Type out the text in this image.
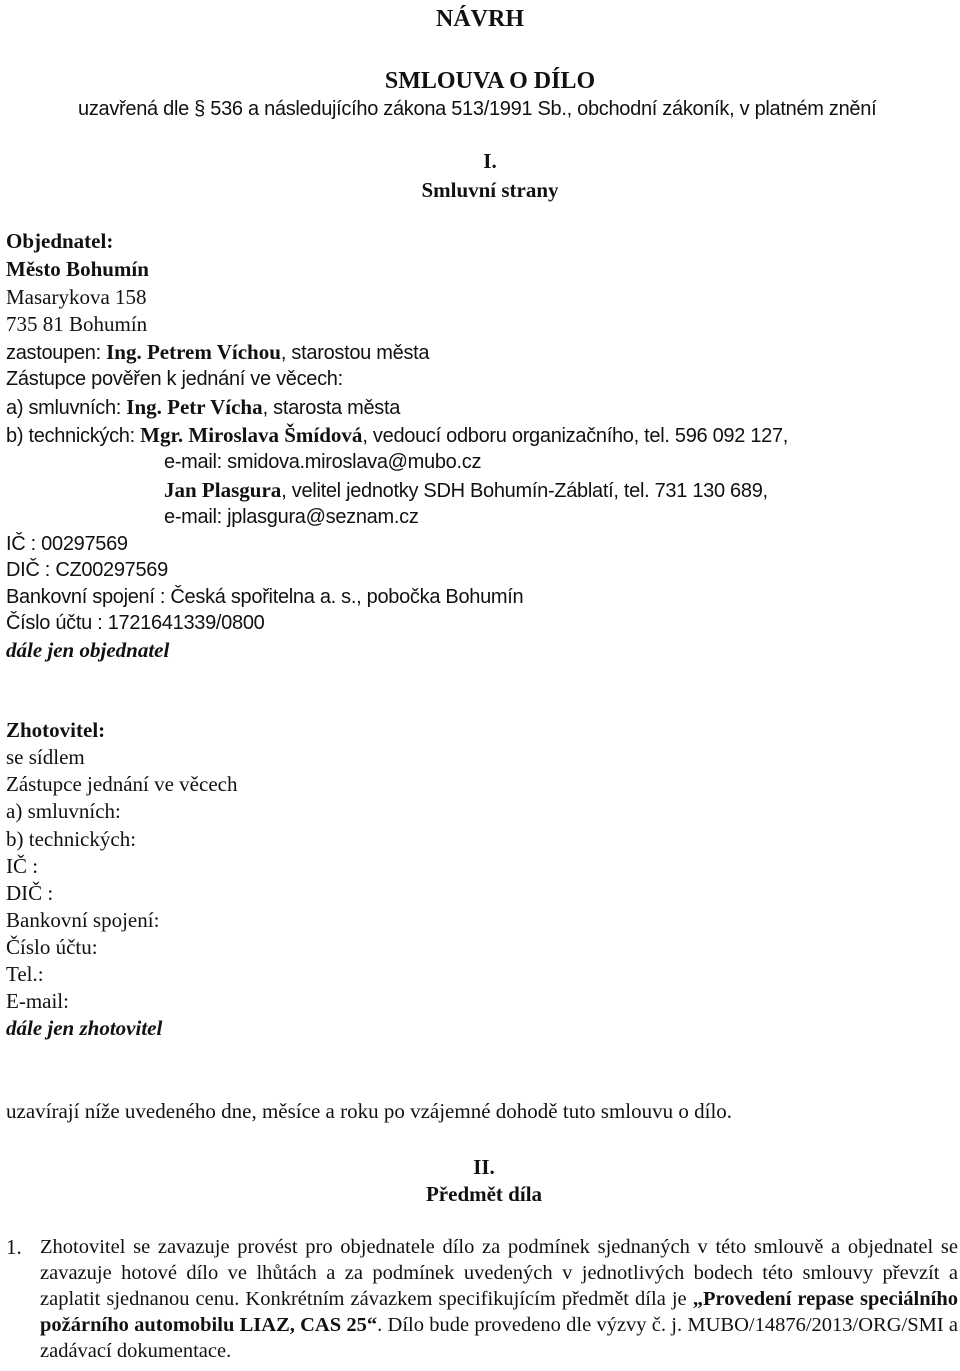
NÁVRH
SMLOUVA O DÍLO
uzavřená dle § 536 a následujícího zákona 513/1991 Sb., obchodní zákoník, v platném znění
I.
Smluvní strany
Objednatel:
Město Bohumín
Masarykova 158
735 81 Bohumín
zastoupen: Ing. Petrem Víchou, starostou města
Zástupce pověřen k jednání ve věcech:
a) smluvních: Ing. Petr Vícha, starosta města
b) technických: Mgr. Miroslava Šmídová, vedoucí odboru organizačního, tel. 596 092 127,
e-mail: smidova.miroslava@mubo.cz
Jan Plasgura, velitel jednotky SDH Bohumín-Záblatí, tel. 731 130 689,
e-mail: jplasgura@seznam.cz
IČ : 00297569
DIČ : CZ00297569
Bankovní spojení : Česká spořitelna a. s., pobočka Bohumín
Číslo účtu : 1721641339/0800
dále jen objednatel
Zhotovitel:
se sídlem
Zástupce jednání ve věcech
a) smluvních:
b) technických:
IČ :
DIČ :
Bankovní spojení:
Číslo účtu:
Tel.:
E-mail:
dále jen zhotovitel
uzavírají níže uvedeného dne, měsíce a roku po vzájemné dohodě tuto smlouvu o dílo.
II.
Předmět díla
1. Zhotovitel se zavazuje provést pro objednatele dílo za podmínek sjednaných v této smlouvě a objednatel se zavazuje hotové dílo ve lhůtách a za podmínek uvedených v jednotlivých bodech této smlouvy převzít a zaplatit sjednanou cenu. Konkrétním závazkem specifikujícím předmět díla je „Provedení repase speciálního požárního automobilu LIAZ, CAS 25“. Dílo bude provedeno dle výzvy č. j. MUBO/14876/2013/ORG/SMI a zadávací dokumentace.
